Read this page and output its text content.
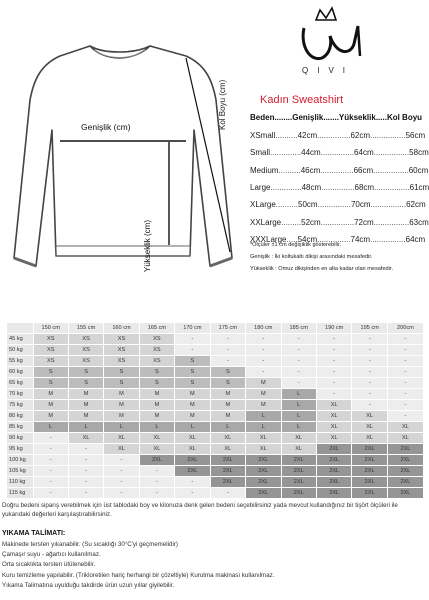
QIVI
Genişlik (cm)
Yükseklik (cm)
Kol Boyu (cm)	Kadın Sweatshirt
Beden........Genişlik.......Yükseklik.....Kol Boyu
XSmall..........42cm...............62cm................56cm
Small..............44cm...............64cm................58cm
Medium..........46cm...............66cm................60cm
Large..............48cm...............68cm................61cm
XLarge..........50cm...............70cm................62cm
XXLarge.........52cm...............72cm................63cm
XXXLarge.....54cm...............74cm................64cm
*Ölçüler ±1 cm değişiklik gösterebilir.
Genişlik : İki koltukaltı dikişi arasındaki mesafedir.
Yükseklik : Omuz dikişinden en alta kadar olan mesafedir.
	150 cm	155 cm	160 cm	165 cm	170 cm	175 cm	180 cm	185 cm	190 cm	195 cm	200cm
45 kg	XS	XS	XS	XS	-	-	-	-	-	-	-
50 kg	XS	XS	XS	XS	-	-	-	-	-	-	-
55 kg	XS	XS	XS	XS	S	-	-	-	-	-	-
60 kg	S	S	S	S	S	S	-	-	-	-	-
65 kg	S	S	S	S	S	S	M	-	-	-	-
70 kg	M	M	M	M	M	M	M	L	-	-	-
75 kg	M	M	M	M	M	M	M	L	XL	-	-
80 kg	M	M	M	M	M	M	L	L	XL	XL	-
85 kg	L	L	L	L	L	L	L	L	XL	XL	XL
90 kg	-	XL	XL	XL	XL	XL	XL	XL	XL	XL	XL
95 kg	-	-	XL	XL	XL	XL	XL	XL	2XL	2XL	2XL
100 kg	-	-	-	2XL	2XL	2XL	2XL	2XL	2XL	2XL	2XL
105 kg	-	-	-	-	2XL	2XL	2XL	2XL	2XL	2XL	2XL
110 kg	-	-	-	-	-	2XL	2XL	2XL	2XL	2XL	2XL
115 kg	-	-	-	-	-	-	2XL	2XL	2XL	2XL	2XL
Doğru bedeni siparış verebilmek için üst tablodaki boy ve kilonuza denk gelen bedeni seçebilirsiniz yada mevcut kullandığınız bir tişört ölçüleri ile yukarıdaki değerleri karşılaştırabilirsiniz.
YIKAMA TALİMATI:
Makinede tersten yıkanabilir. (Su sıcaklığı 30°C'yi geçmemelidir)
Çamaşır suyu - ağartıcı kullanılmaz.
Orta sıcaklıkta tersten ütülenebilir.
Kuru temizleme yapılabilir. (Trikloretilen hariç herhangi bir çözeltiyle) Kurutma makinası kullanılmaz.
Yıkama Talimatına uyulduğu takdirde ürün uzun yıllar giyilebilir.
